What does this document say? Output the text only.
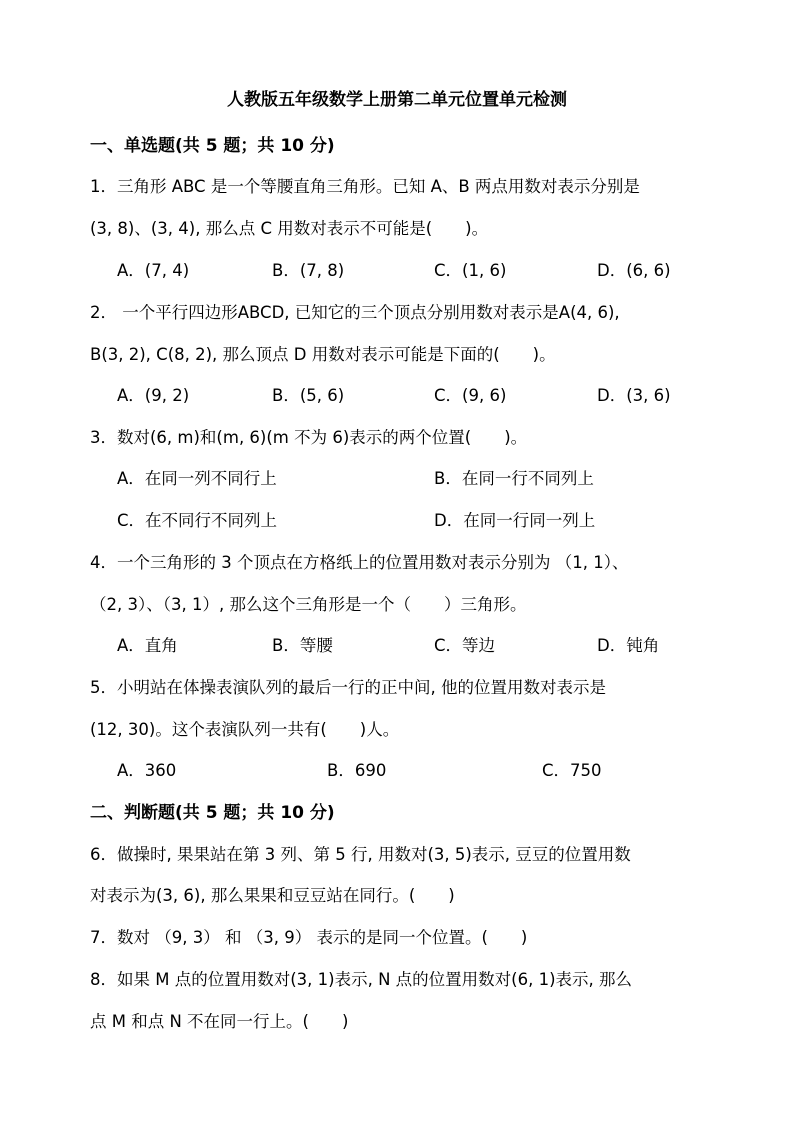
人教版五年级数学上册第二单元位置单元检测
一、单选题(共 5 题；共 10 分)
1．三角形 ABC 是一个等腰直角三角形。已知 A、B 两点用数对表示分别是
(3, 8)、(3, 4), 那么点 C 用数对表示不可能是(　　)。
A．(7, 4)	B．(7, 8)	C．(1, 6)	D．(6, 6)
2． 一个平行四边形ABCD, 已知它的三个顶点分别用数对表示是A(4, 6),
B(3, 2), C(8, 2), 那么顶点 D 用数对表示可能是下面的(　　)。
A．(9, 2)	B．(5, 6)	C．(9, 6)	D．(3, 6)
3．数对(6, m)和(m, 6)(m 不为 6)表示的两个位置(　　)。
A．在同一列不同行上	B．在同一行不同列上
C．在不同行不同列上	D．在同一行同一列上
4．一个三角形的 3 个顶点在方格纸上的位置用数对表示分别为 （1, 1）、
（2, 3）、（3, 1）, 那么这个三角形是一个（　　）三角形。
A．直角	B．等腰	C．等边	D．钝角
5．小明站在体操表演队列的最后一行的正中间, 他的位置用数对表示是
(12, 30)。这个表演队列一共有(　　)人。
A．360	B．690	C．750
二、判断题(共 5 题；共 10 分)
6．做操时, 果果站在第 3 列、第 5 行, 用数对(3, 5)表示, 豆豆的位置用数
对表示为(3, 6), 那么果果和豆豆站在同行。(　　)
7．数对 （9, 3） 和 （3, 9） 表示的是同一个位置。(　　)
8．如果 M 点的位置用数对(3, 1)表示, N 点的位置用数对(6, 1)表示, 那么
点 M 和点 N 不在同一行上。(　　)
